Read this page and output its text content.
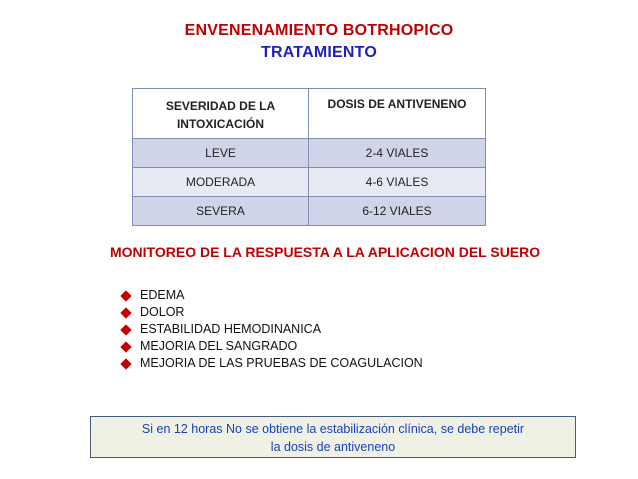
ENVENENAMIENTO BOTRHOPICO
TRATAMIENTO
SEVERIDAD DE LA
INTOXICACIÓN	DOSIS DE ANTIVENENO
LEVE	2-4 VIALES
MODERADA	4-6 VIALES
SEVERA	6-12 VIALES
MONITOREO DE LA RESPUESTA A LA APLICACION DEL SUERO
EDEMA
DOLOR
ESTABILIDAD HEMODINANICA
MEJORIA DEL SANGRADO
MEJORIA DE LAS PRUEBAS DE COAGULACION
Si en 12 horas No se obtiene la estabilización clínica, se debe repetir
la dosis de antiveneno
